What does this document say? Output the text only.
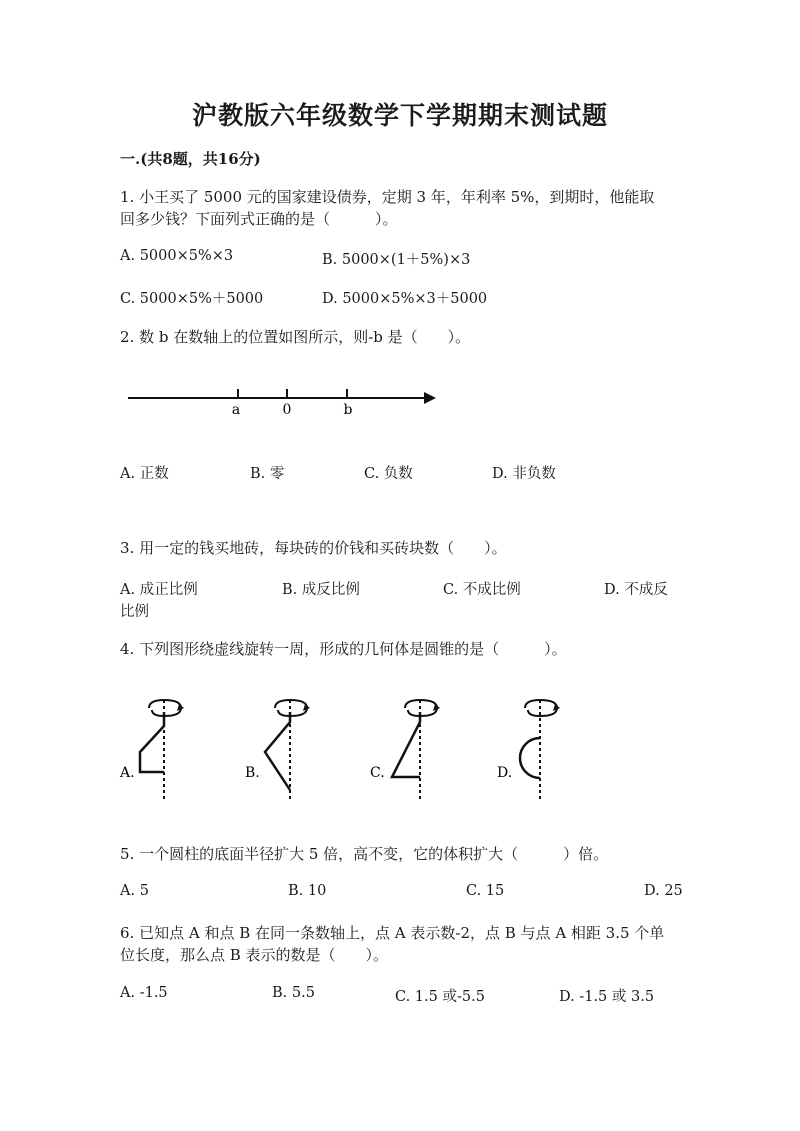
沪教版六年级数学下学期期末测试题
一.(共8题，共16分)
1. 小王买了 5000 元的国家建设债券，定期 3 年，年利率 5%，到期时，他能取
回多少钱？下面列式正确的是（　　　）。
A. 5000×5%×3	B. 5000×(1＋5%)×3
C. 5000×5%＋5000	D. 5000×5%×3＋5000
2. 数 b 在数轴上的位置如图所示，则-b 是（　　）。
a	0	b
A. 正数	B. 零	C. 负数	D. 非负数
3. 用一定的钱买地砖，每块砖的价钱和买砖块数（　　）。
A. 成正比例	B. 成反比例	C. 不成比例	D. 不成反
比例
4. 下列图形绕虚线旋转一周，形成的几何体是圆锥的是（　　　）。
A.	B.	C.	D.
5. 一个圆柱的底面半径扩大 5 倍，高不变，它的体积扩大（　　　）倍。
A. 5	B. 10	C. 15	D. 25
6. 已知点 A 和点 B 在同一条数轴上，点 A 表示数-2，点 B 与点 A 相距 3.5 个单
位长度，那么点 B 表示的数是（　　）。
A. -1.5	B. 5.5	C. 1.5 或-5.5	D. -1.5 或 3.5
